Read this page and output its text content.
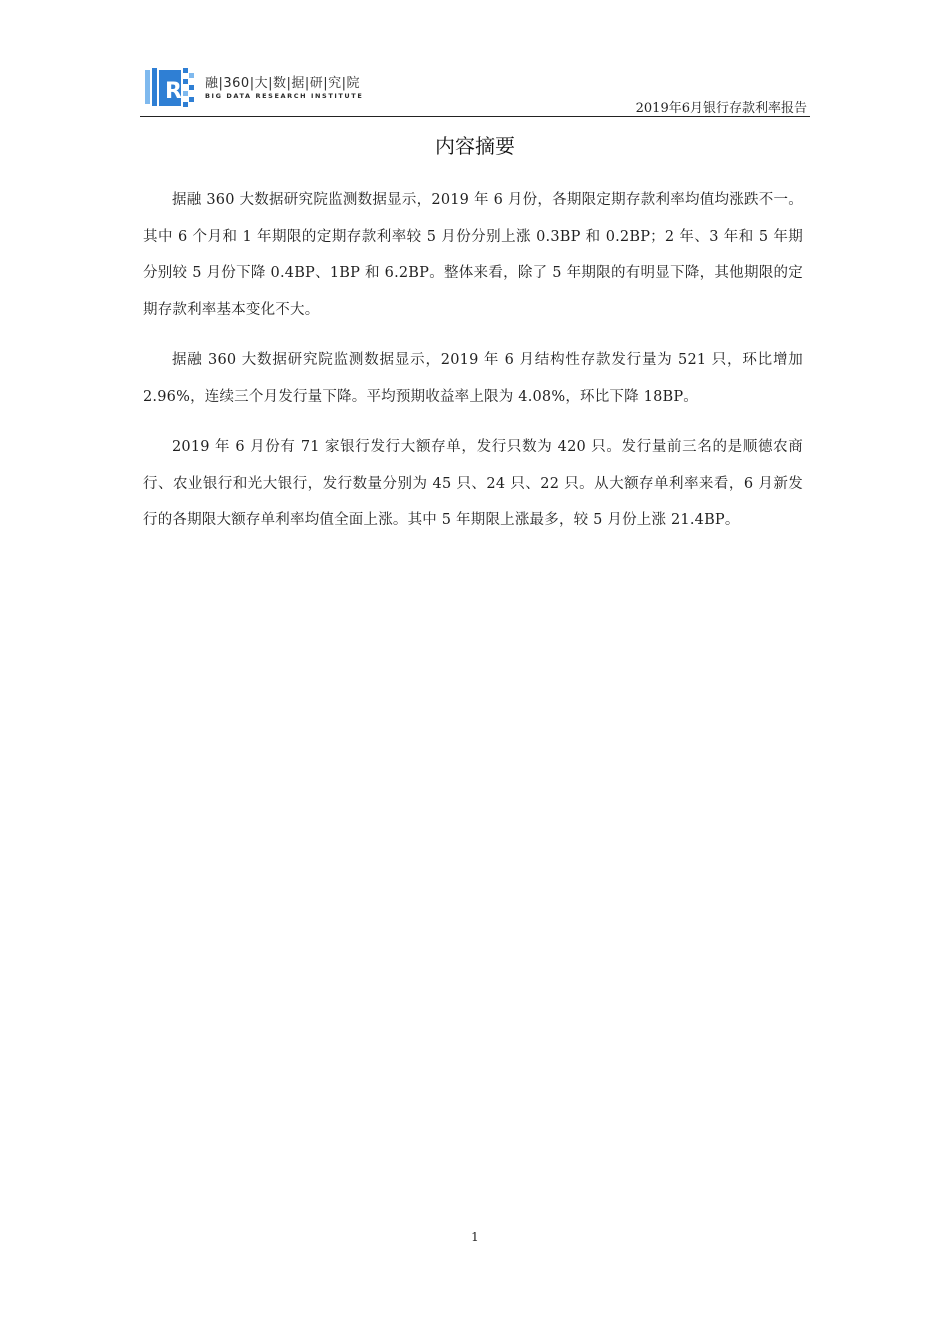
R 融|360|大|数|据|研|究|院
BIG DATA RESEARCH INSTITUTE
2019年6月银行存款利率报告
内容摘要

据融 360 大数据研究院监测数据显示，2019 年 6 月份，各期限定期存款利率均值均涨跌不一。其中 6 个月和 1 年期限的定期存款利率较 5 月份分别上涨 0.3BP 和 0.2BP；2 年、3 年和 5 年期分别较 5 月份下降 0.4BP、1BP 和 6.2BP。整体来看，除了 5 年期限的有明显下降，其他期限的定期存款利率基本变化不大。

据融 360 大数据研究院监测数据显示，2019 年 6 月结构性存款发行量为 521 只，环比增加 2.96%，连续三个月发行量下降。平均预期收益率上限为 4.08%，环比下降 18BP。

2019 年 6 月份有 71 家银行发行大额存单，发行只数为 420 只。发行量前三名的是顺德农商行、农业银行和光大银行，发行数量分别为 45 只、24 只、22 只。从大额存单利率来看，6 月新发行的各期限大额存单利率均值全面上涨。其中 5 年期限上涨最多，较 5 月份上涨 21.4BP。

1
